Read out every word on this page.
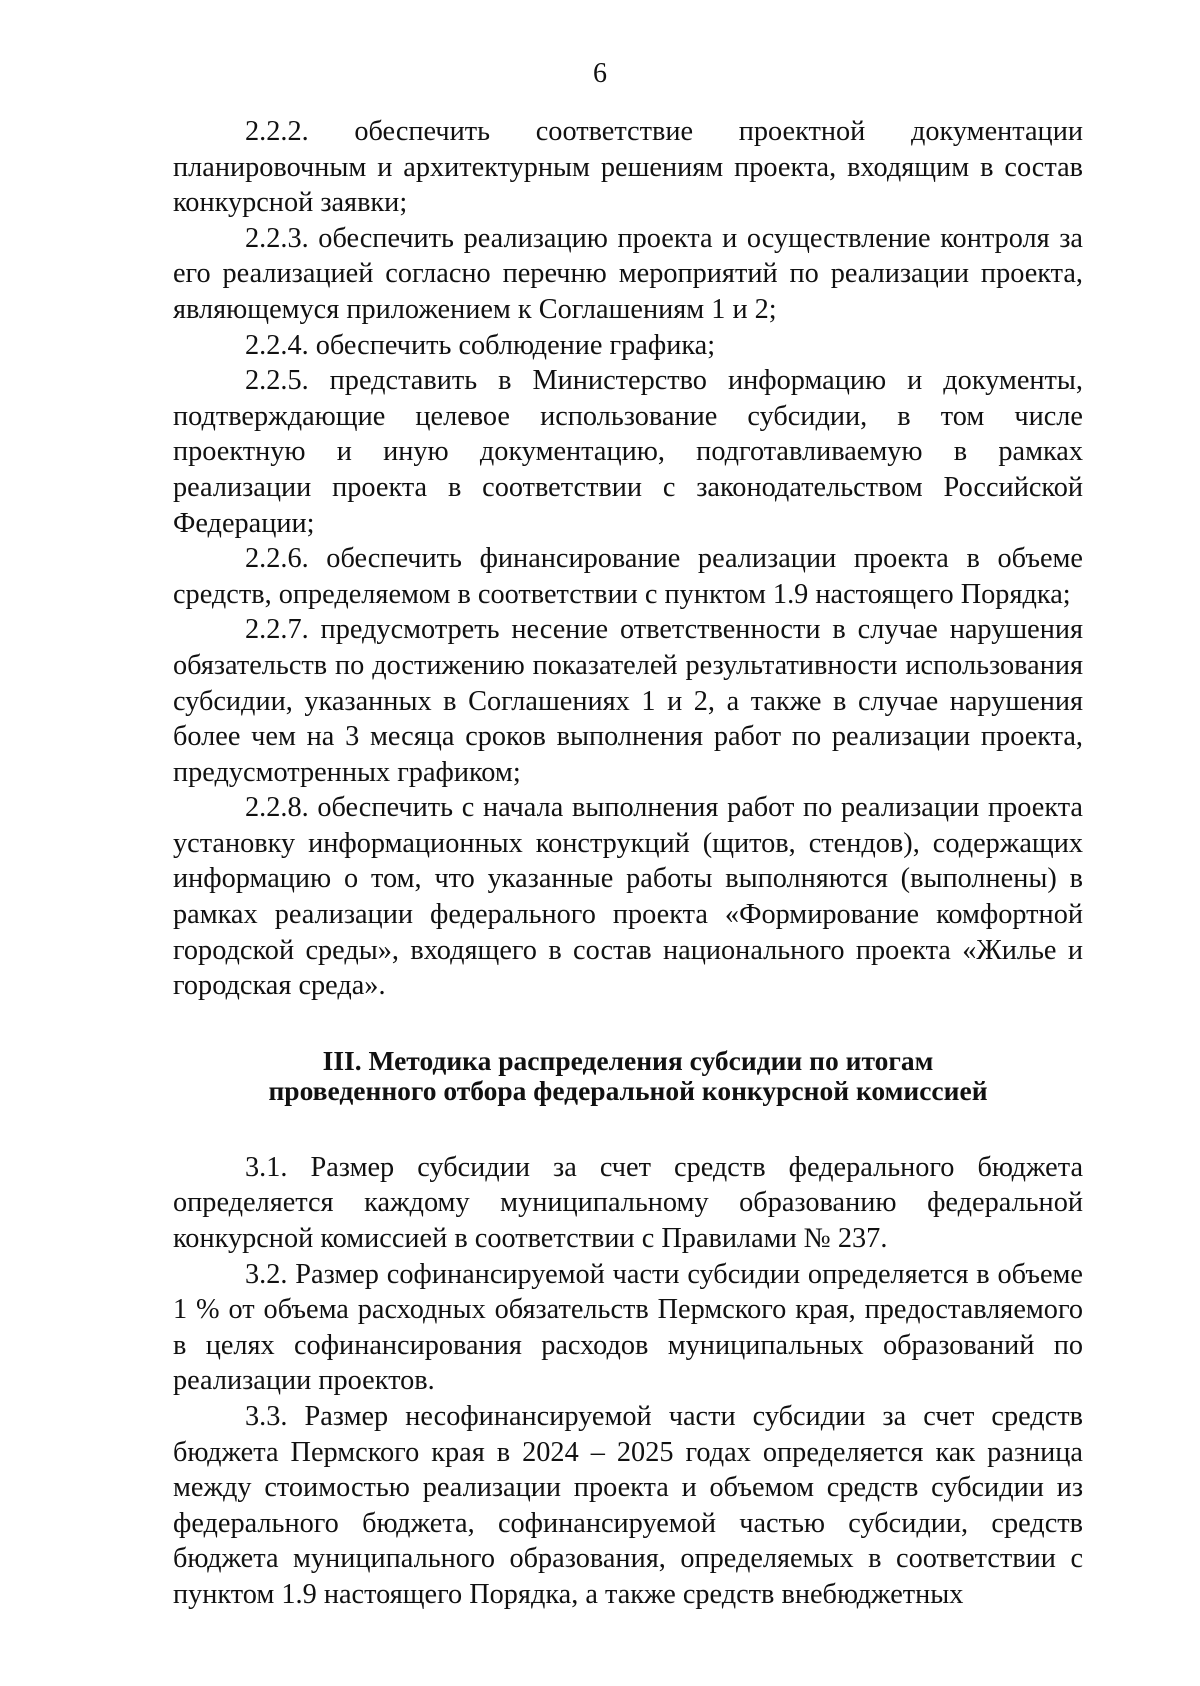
6

2.2.2. обеспечить соответствие проектной документации планировочным и архитектурным решениям проекта, входящим в состав конкурсной заявки;

2.2.3. обеспечить реализацию проекта и осуществление контроля за его реализацией согласно перечню мероприятий по реализации проекта, являющемуся приложением к Соглашениям 1 и 2;

2.2.4. обеспечить соблюдение графика;

2.2.5. представить в Министерство информацию и документы, подтверждающие целевое использование субсидии, в том числе проектную и иную документацию, подготавливаемую в рамках реализации проекта в соответствии с законодательством Российской Федерации;

2.2.6. обеспечить финансирование реализации проекта в объеме средств, определяемом в соответствии с пунктом 1.9 настоящего Порядка;

2.2.7. предусмотреть несение ответственности в случае нарушения обязательств по достижению показателей результативности использования субсидии, указанных в Соглашениях 1 и 2, а также в случае нарушения более чем на 3 месяца сроков выполнения работ по реализации проекта, предусмотренных графиком;

2.2.8. обеспечить с начала выполнения работ по реализации проекта установку информационных конструкций (щитов, стендов), содержащих информацию о том, что указанные работы выполняются (выполнены) в рамках реализации федерального проекта «Формирование комфортной городской среды», входящего в состав национального проекта «Жилье и городская среда».

III. Методика распределения субсидии по итогам
проведенного отбора федеральной конкурсной комиссией

3.1. Размер субсидии за счет средств федерального бюджета определяется каждому муниципальному образованию федеральной конкурсной комиссией в соответствии с Правилами № 237.

3.2. Размер софинансируемой части субсидии определяется в объеме 1 % от объема расходных обязательств Пермского края, предоставляемого в целях софинансирования расходов муниципальных образований по реализации проектов.

3.3. Размер несофинансируемой части субсидии за счет средств бюджета Пермского края в 2024 – 2025 годах определяется как разница между стоимостью реализации проекта и объемом средств субсидии из федерального бюджета, софинансируемой частью субсидии, средств бюджета муниципального образования, определяемых в соответствии с пунктом 1.9 настоящего Порядка, а также средств внебюджетных
